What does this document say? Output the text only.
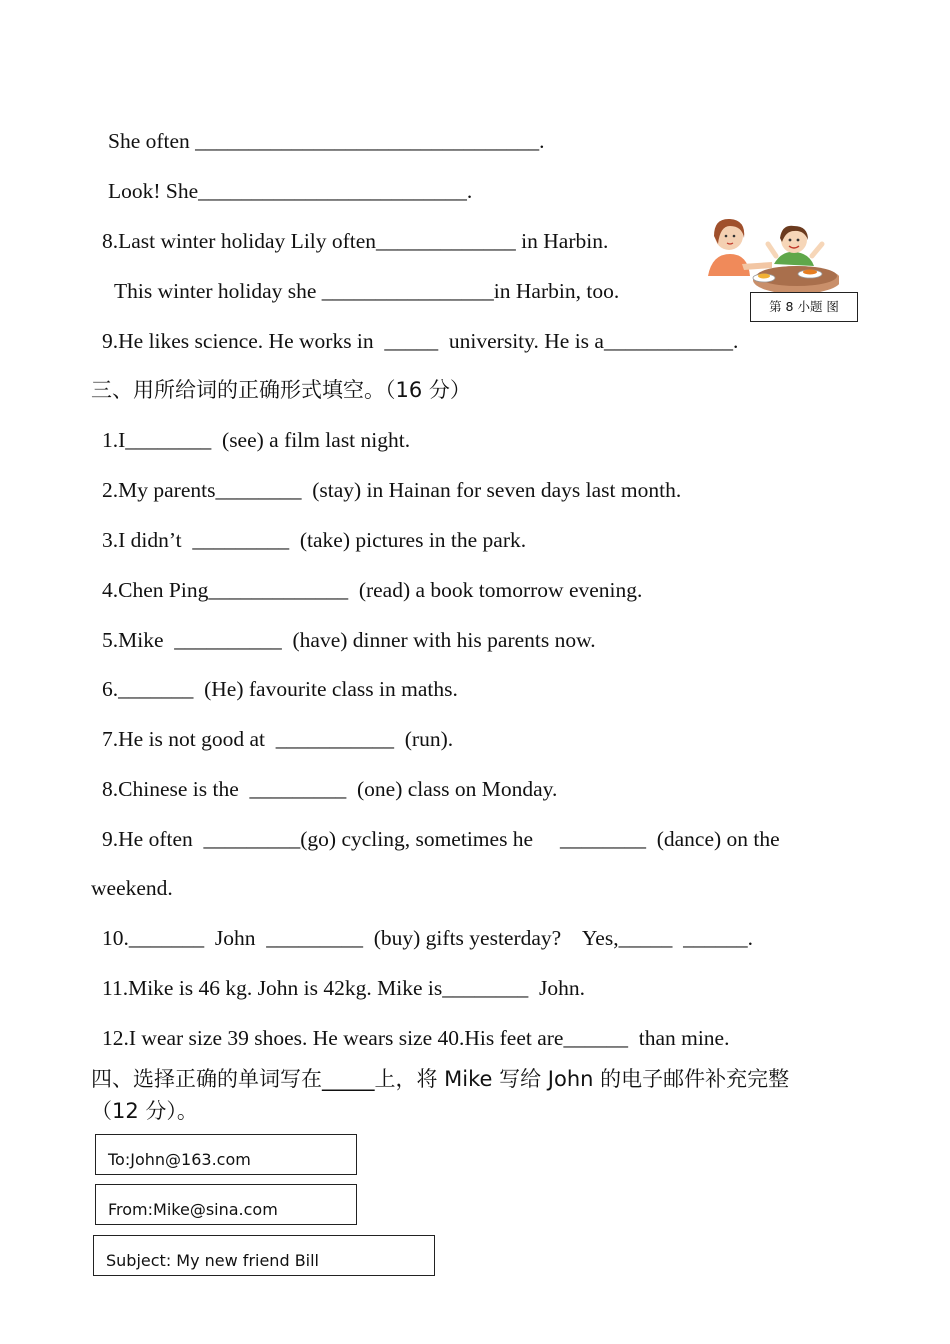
She often ________________________________.
Look! She_________________________.
8.Last winter holiday Lily often_____________ in Harbin.
This winter holiday she ________________in Harbin, too.
9.He likes science. He works in  _____  university. He is a____________.
第 8 小题 图
三、用所给词的正确形式填空。（16 分）
1.I________  (see) a film last night.
2.My parents________  (stay) in Hainan for seven days last month.
3.I didn’t  _________  (take) pictures in the park.
4.Chen Ping_____________  (read) a book tomorrow evening.
5.Mike  __________  (have) dinner with his parents now.
6._______  (He) favourite class in maths.
7.He is not good at  ___________  (run).
8.Chinese is the  _________  (one) class on Monday.
9.He often  _________(go) cycling, sometimes he     ________  (dance) on the
weekend.
10._______  John  _________  (buy) gifts yesterday?    Yes,_____  ______.
11.Mike is 46 kg. John is 42kg. Mike is________  John.
12.I wear size 39 shoes. He wears size 40.His feet are______  than mine.
四、选择正确的单词写在_____上，将 Mike 写给 John 的电子邮件补充完整
（12 分）。
To:John@163.com
From:Mike@sina.com
Subject: My new friend Bill
